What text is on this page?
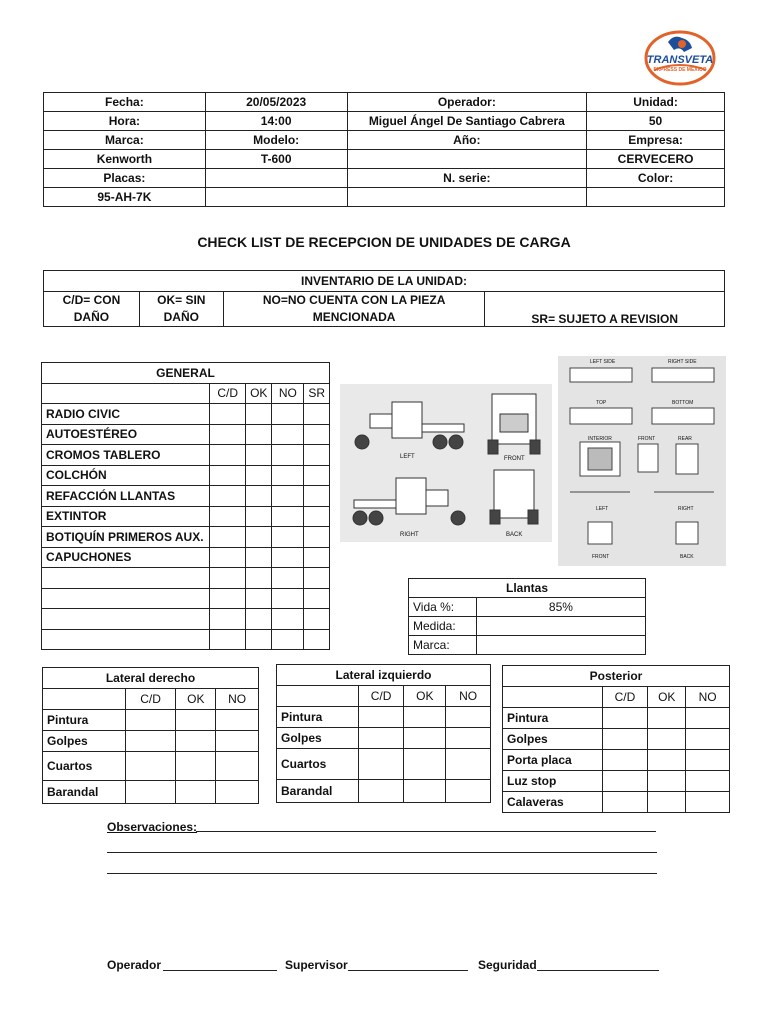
TRANSVETA
EXPRESS DE MÉXICO
Fecha:	20/05/2023	Operador:	Unidad:
Hora:	14:00	Miguel Ángel De Santiago Cabrera	50
Marca:	Modelo:	Año:	Empresa:
Kenworth	T-600		CERVECERO
Placas:		N. serie:	Color:
95-AH-7K			
CHECK LIST DE RECEPCION DE UNIDADES DE CARGA
INVENTARIO DE LA UNIDAD:
C/D= CON DAÑO	OK= SIN DAÑO	NO=NO CUENTA CON LA PIEZA MENCIONADA	SR= SUJETO A REVISION
GENERAL				
	C/D	OK	NO	SR
RADIO CIVIC				
AUTOESTÉREO				
CROMOS TABLERO				
COLCHÓN				
REFACCIÓN LLANTAS				
EXTINTOR				
BOTIQUÍN PRIMEROS AUX.				
CAPUCHONES				

LEFT	FRONT
RIGHT	BACK
LEFT SIDE	RIGHT SIDE
TOP	BOTTOM
INTERIOR	FRONT	REAR
LEFT	RIGHT
FRONT	BACK
Llantas	
Vida %:	85%
Medida:	
Marca:	
Lateral derecho			
	C/D	OK	NO
Pintura			
Golpes			
Cuartos			
Barandal			
Lateral izquierdo			
	C/D	OK	NO
Pintura			
Golpes			
Cuartos			
Barandal			
Posterior			
	C/D	OK	NO
Pintura			
Golpes			
Porta placa			
Luz stop			
Calaveras			
Observaciones:
Operador	Supervisor	Seguridad
